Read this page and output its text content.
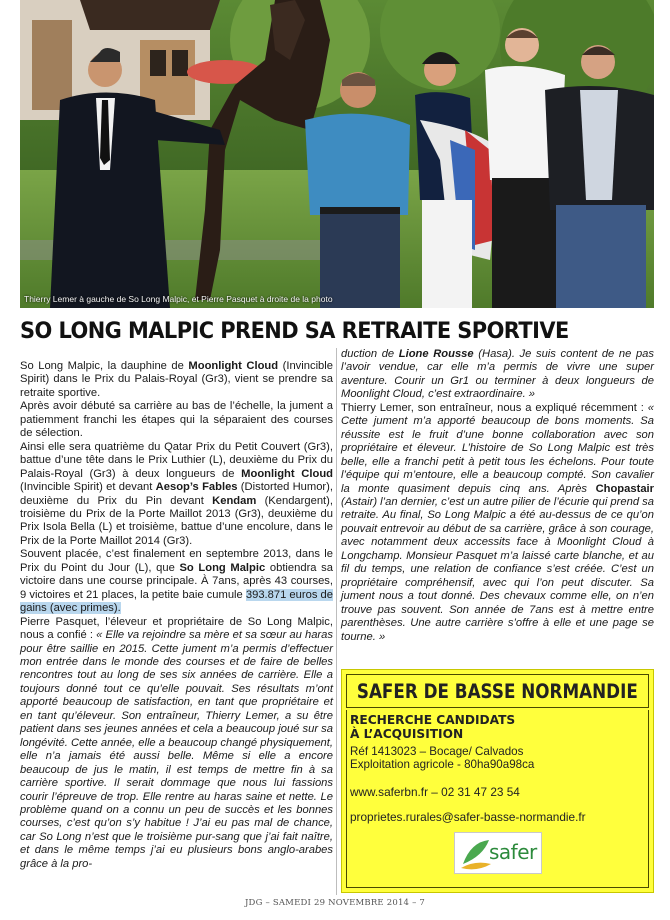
Thierry Lemer à gauche de So Long Malpic, et Pierre Pasquet à droite de la photo
SO LONG MALPIC PREND SA RETRAITE SPORTIVE

So Long Malpic, la dauphine de Moonlight Cloud (Invincible Spirit) dans le Prix du Palais-Royal (Gr3), vient se prendre sa retraite sportive.

Après avoir débuté sa carrière au bas de l’échelle, la jument a patiemment franchi les étapes qui la séparaient des courses de sélection.

Ainsi elle sera quatrième du Qatar Prix du Petit Couvert (Gr3), battue d’une tête dans le Prix Luthier (L), deuxième du Prix du Palais-Royal (Gr3) à deux longueurs de Moonlight Cloud (Invincible Spirit) et devant Aesop’s Fables (Distorted Humor), deuxième du Prix du Pin devant Kendam (Kendargent), troisième du Prix de la Porte Maillot 2013 (Gr3), deuxième du Prix Isola Bella (L) et troisième, battue d’une encolure, dans le Prix de la Porte Maillot 2014 (Gr3).

Souvent placée, c’est finalement en septembre 2013, dans le Prix du Point du Jour (L), que So Long Malpic obtiendra sa victoire dans une course principale. À 7ans, après 43 courses, 9 victoires et 21 places, la petite baie cumule 393.871 euros de gains (avec primes).

Pierre Pasquet, l’éleveur et propriétaire de So Long Malpic, nous a confié : « Elle va rejoindre sa mère et sa sœur au haras pour être saillie en 2015. Cette jument m’a permis d’effectuer mon entrée dans le monde des courses et de faire de belles rencontres tout au long de ses six années de carrière. Elle a toujours donné tout ce qu’elle pouvait. Ses résultats m’ont apporté beaucoup de satisfaction, en tant que propriétaire et en tant qu’éleveur. Son entraîneur, Thierry Lemer, a su être patient dans ses jeunes années et cela a beaucoup joué sur sa longévité. Cette année, elle a beaucoup changé physiquement, elle n’a jamais été aussi belle. Même si elle a encore beaucoup de jus le matin, il est temps de mettre fin à sa carrière sportive. Il serait dommage que nous lui fassions courir l’épreuve de trop. Elle rentre au haras saine et nette. Le problème quand on a connu un peu de succès et les bonnes courses, c’est qu’on s’y habitue ! J’ai eu pas mal de chance, car So Long n’est que le troisième pur-sang que j’ai fait naître, et dans le même temps j’ai eu plusieurs bons anglo-arabes grâce à la pro-

duction de Lione Rousse (Hasa). Je suis content de ne pas l’avoir vendue, car elle m’a permis de vivre une super aventure. Courir un Gr1 ou terminer à deux longueurs de Moonlight Cloud, c’est extraordinaire. »

Thierry Lemer, son entraîneur, nous a expliqué récemment : « Cette jument m’a apporté beaucoup de bons moments. Sa réussite est le fruit d’une bonne collaboration avec son propriétaire et éleveur. L’histoire de So Long Malpic est très belle, elle a franchi petit à petit tous les échelons. Pour toute l’équipe qui m’entoure, elle a beaucoup compté. Son cavalier la monte quasiment depuis cinq ans. Après Chopastair (Astair) l’an dernier, c’est un autre pilier de l’écurie qui prend sa retraite. Au final, So Long Malpic a été au-dessus de ce qu’on pouvait entrevoir au début de sa carrière, grâce à son courage, avec notamment deux accessits face à Moonlight Cloud à Longchamp. Monsieur Pasquet m’a laissé carte blanche, et au fil du temps, une relation de confiance s’est créée. C’est un propriétaire compréhensif, avec qui l’on peut discuter. Sa jument nous a tout donné. Des chevaux comme elle, on n’en trouve pas souvent. Son année de 7ans est à mettre entre parenthèses. Une autre carrière s’offre à elle et une page se tourne. »

SAFER DE BASSE NORMANDIE
RECHERCHE CANDIDATS
À L’ACQUISITION
Réf 1413023 – Bocage/ Calvados
Exploitation agricole - 80ha90a98ca
www.saferbn.fr – 02 31 47 23 54
proprietes.rurales@safer-basse-normandie.fr
safer
JDG – SAMEDI 29 NOVEMBRE 2014 – 7
